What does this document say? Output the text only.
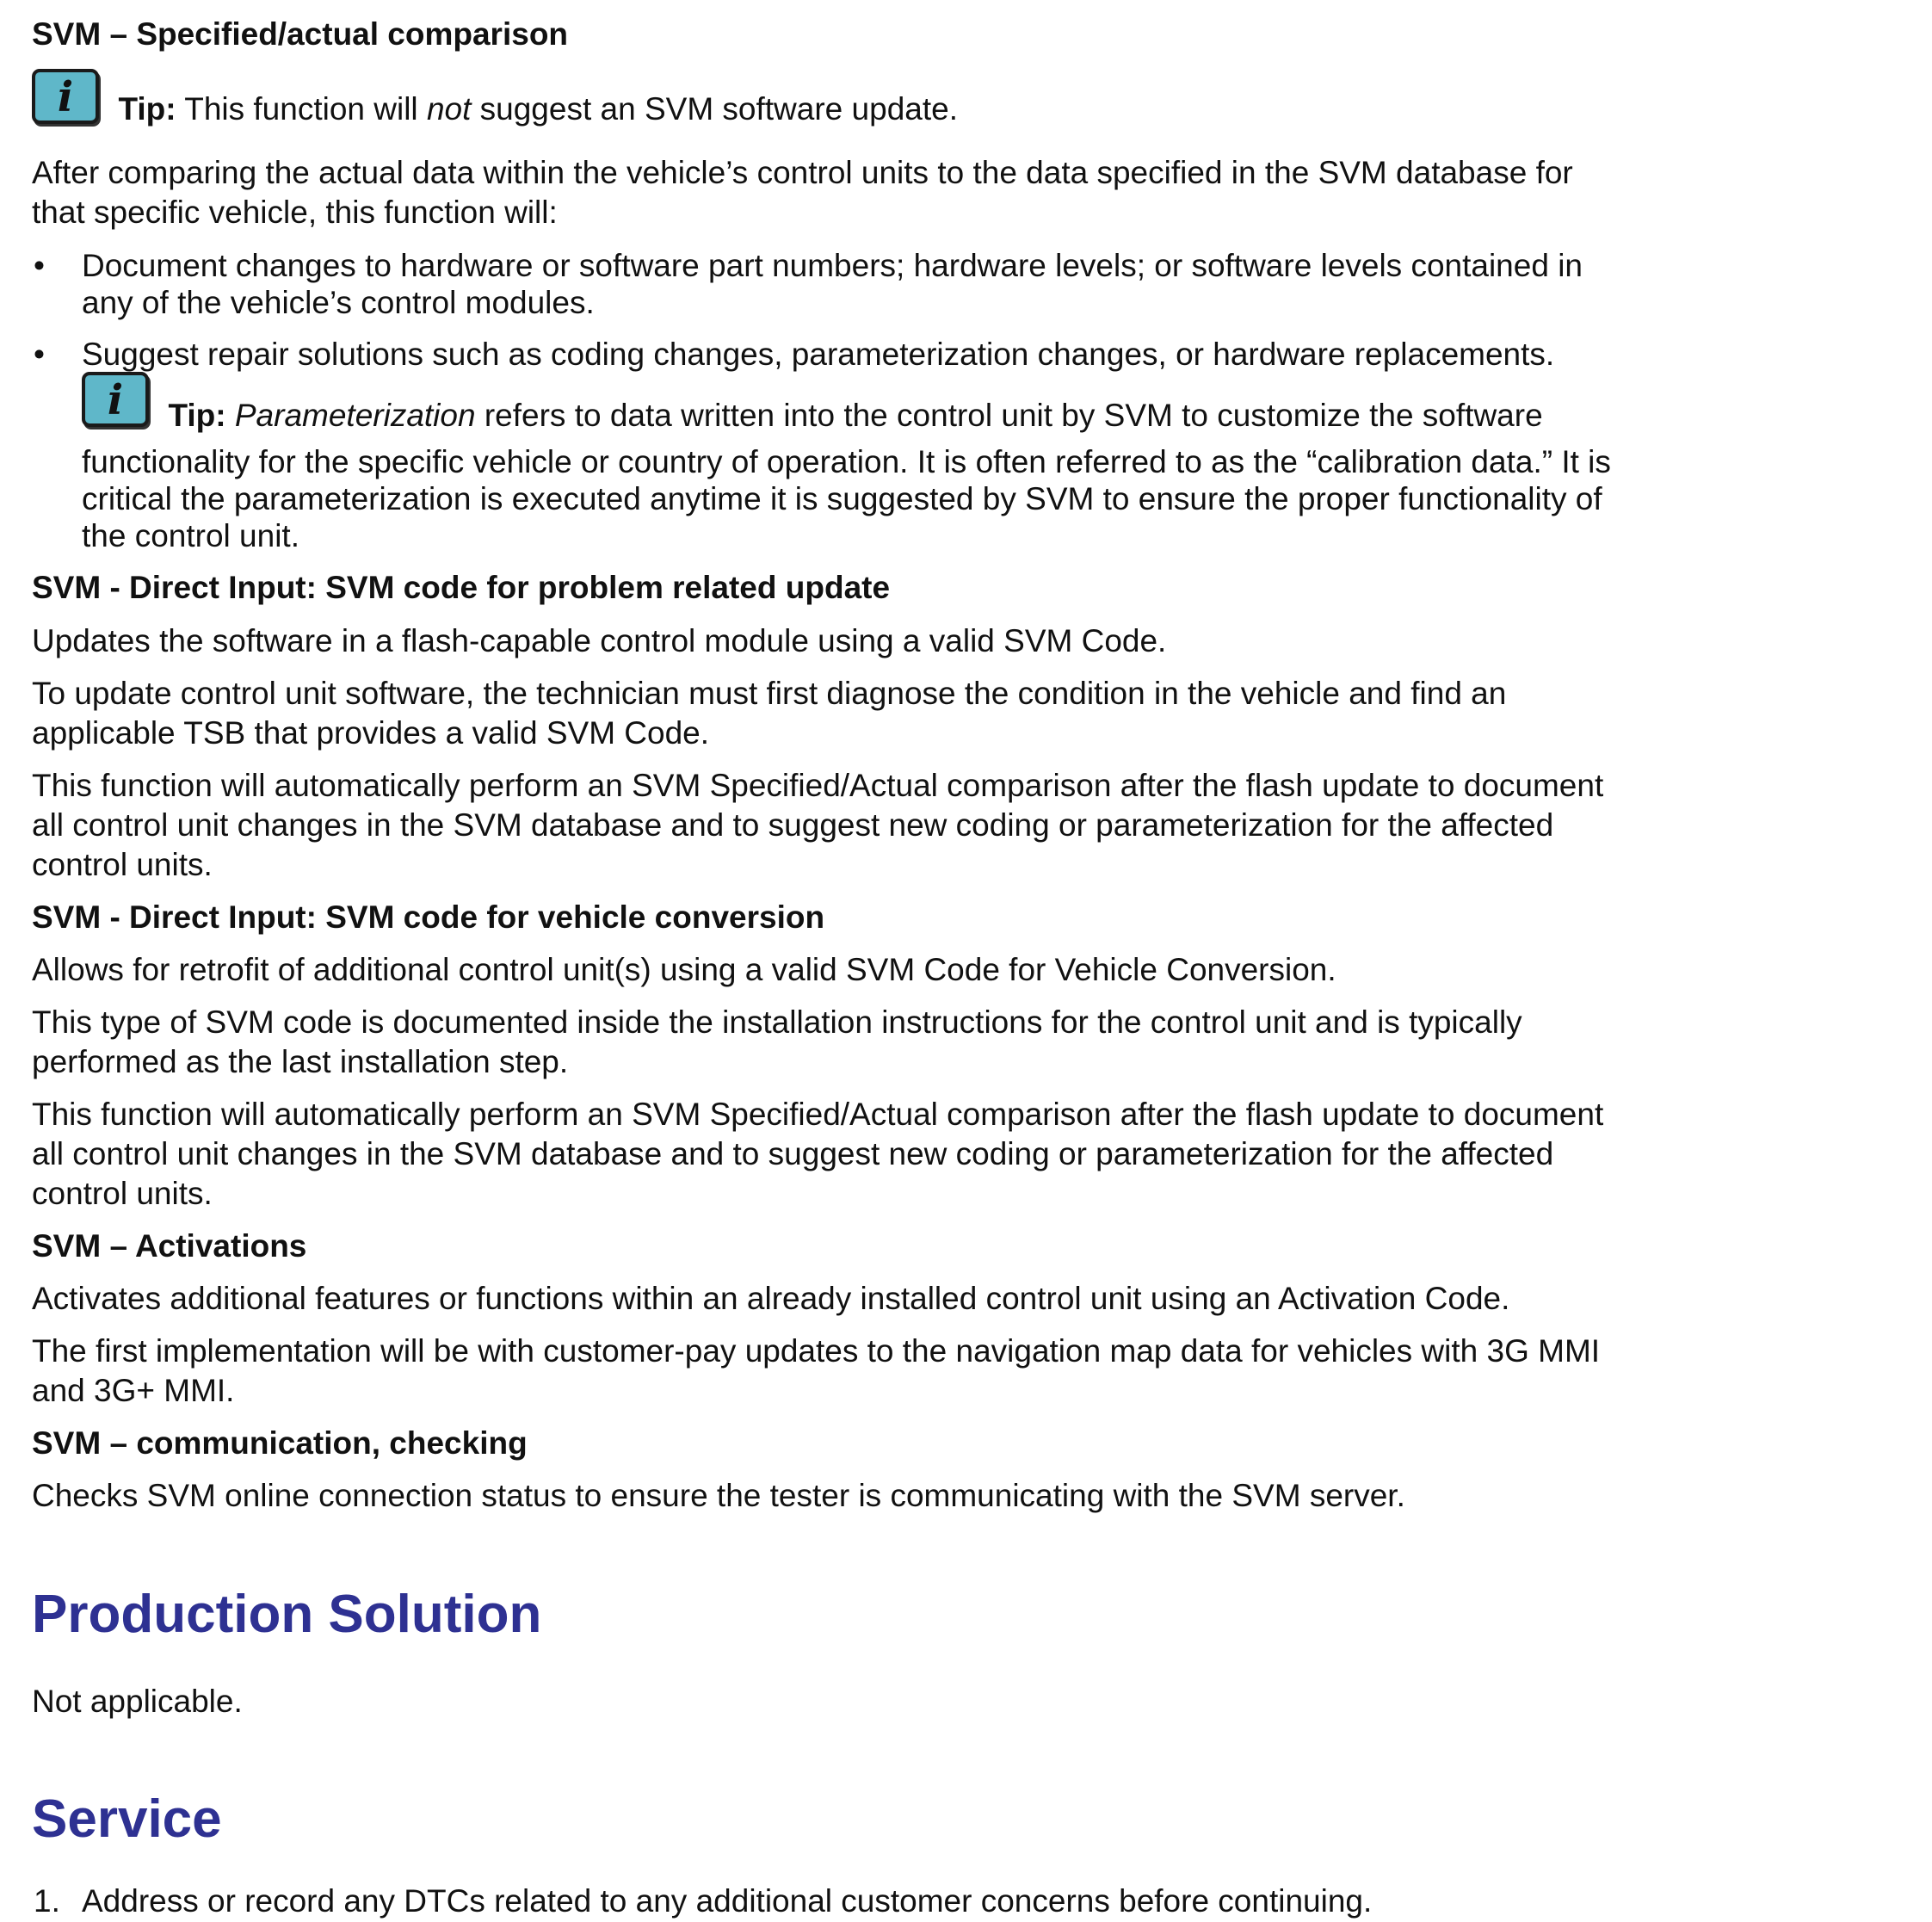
SVM – Specified/actual comparison

i	Tip: This function will not suggest an SVM software update.

After comparing the actual data within the vehicle’s control units to the data specified in the SVM database for

that specific vehicle, this function will:

• Document changes to hardware or software part numbers; hardware levels; or software levels contained in

any of the vehicle’s control modules.

• Suggest repair solutions such as coding changes, parameterization changes, or hardware replacements.

i	Tip: Parameterization refers to data written into the control unit by SVM to customize the software

functionality for the specific vehicle or country of operation. It is often referred to as the “calibration data.” It is

critical the parameterization is executed anytime it is suggested by SVM to ensure the proper functionality of

the control unit.

SVM - Direct Input: SVM code for problem related update

Updates the software in a flash-capable control module using a valid SVM Code.

To update control unit software, the technician must first diagnose the condition in the vehicle and find an

applicable TSB that provides a valid SVM Code.

This function will automatically perform an SVM Specified/Actual comparison after the flash update to document

all control unit changes in the SVM database and to suggest new coding or parameterization for the affected

control units.

SVM - Direct Input: SVM code for vehicle conversion

Allows for retrofit of additional control unit(s) using a valid SVM Code for Vehicle Conversion.

This type of SVM code is documented inside the installation instructions for the control unit and is typically

performed as the last installation step.

This function will automatically perform an SVM Specified/Actual comparison after the flash update to document

all control unit changes in the SVM database and to suggest new coding or parameterization for the affected

control units.

SVM – Activations

Activates additional features or functions within an already installed control unit using an Activation Code.

The first implementation will be with customer-pay updates to the navigation map data for vehicles with 3G MMI

and 3G+ MMI.

SVM – communication, checking

Checks SVM online connection status to ensure the tester is communicating with the SVM server.

Production Solution

Not applicable.

Service

1. Address or record any DTCs related to any additional customer concerns before continuing.
